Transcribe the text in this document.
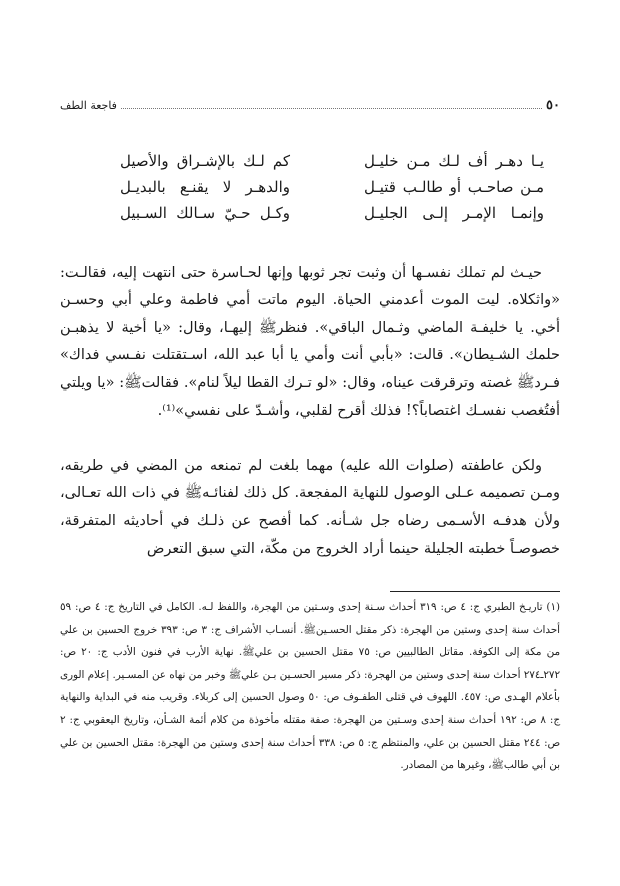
٥٠
فاجعة الطف
يـا دهـر أف لـك مـن خليـل
كم لـك بالإشـراق والأصيل
مـن صاحـب أو طالـب قتيـل
والدهـر لا يقنـع بالبديـل
وإنمـا الإمـر إلـى الجليـل
وكـل حـيّ سـالك السـبيل

حيـث لم تملك نفسـها أن وثبت تجر ثوبها وإنها لحـاسرة حتى انتهت إليه، فقالـت: «واثكلاه. ليت الموت أعدمني الحياة. اليوم ماتت أمي فاطمة وعلي أبي وحسـن أخي. يا خليفـة الماضي وثـمال الباقي». فنظرﷺ إليهـا، وقال: «يا أخية لا يذهبـن حلمك الشـيطان». قالت: «بأبي أنت وأمي يا أبا عبد الله، اسـتقتلت نفـسي فداك» فـردﷺ غصته وترقرقت عيناه، وقال: «لو تـرك القطا ليلاً لنام». فقالتﷺ: «يا ويلتي أفتُغصب نفسـك اغتصاباً؟! فذلك أقرح لقلبي، وأشـدّ على نفسي»⁽¹⁾.

ولكن عاطفته (صلوات الله عليه) مهما بلغت لم تمنعه من المضي في طريقه، ومـن تصميمه عـلى الوصول للنهاية المفجعة. كل ذلك لفنائـهﷺ في ذات الله تعـالى، ولأن هدفـه الأسـمى رضاه جل شـأنه. كما أفصح عن ذلـك في أحاديثه المتفرقة، خصوصـاً خطبته الجليلة حينما أراد الخروج من مكّة، التي سبق التعرض

(١) تاريـخ الطبري ج: ٤ ص: ٣١٩ أحداث سـنة إحدى وسـتين من الهجرة، واللفظ لـه. الكامل في التاريخ ج: ٤ ص: ٥٩ أحداث سنة إحدى وستين من الهجرة: ذكر مقتل الحسـينﷺ. أنسـاب الأشراف ج: ٣ ص: ٣٩٣ خروج الحسين بن علي من مكة إلى الكوفة. مقاتل الطالبيين ص: ٧٥ مقتل الحسين بن عليﷺ. نهاية الأرب في فنون الأدب ج: ٢٠ ص: ٢٧٢ـ٢٧٤ أحداث سنة إحدى وستين من الهجرة: ذكر مسير الحسـين بـن عليﷺ وخبر من نهاه عن المسـير. إعلام الورى بأعلام الهـدى ص: ٤٥٧. اللهوف في قتلى الطفـوف ص: ٥٠ وصول الحسين إلى كربلاء. وقريب منه في البداية والنهاية ج: ٨ ص: ١٩٢ أحداث سنة إحدى وسـتين من الهجرة: صفة مقتله مأخوذة من كلام أئمة الشـأن، وتاريخ اليعقوبي ج: ٢ ص: ٢٤٤ مقتل الحسين بن علي، والمنتظم ج: ٥ ص: ٣٣٨ أحداث سنة إحدى وستين من الهجرة: مقتل الحسين بن علي بن أبي طالبﷺ، وغيرها من المصادر.
